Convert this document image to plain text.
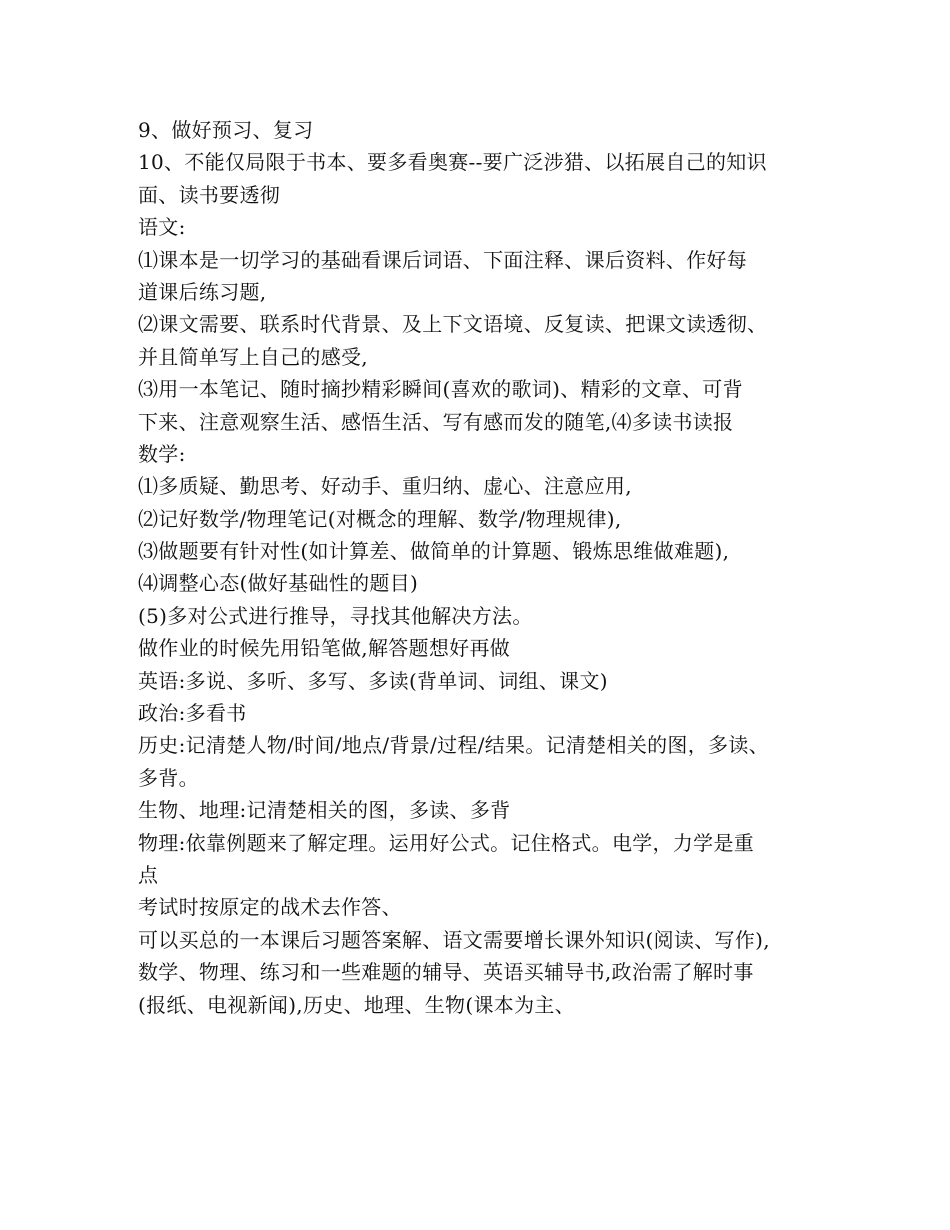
9、做好预习、复习
10、不能仅局限于书本、要多看奥赛--要广泛涉猎、以拓展自己的知识
面、读书要透彻
语文:
⑴课本是一切学习的基础看课后词语、下面注释、课后资料、作好每
道课后练习题,
⑵课文需要、联系时代背景、及上下文语境、反复读、把课文读透彻、
并且简单写上自己的感受,
⑶用一本笔记、随时摘抄精彩瞬间(喜欢的歌词)、精彩的文章、可背
下来、注意观察生活、感悟生活、写有感而发的随笔,⑷多读书读报
数学:
⑴多质疑、勤思考、好动手、重归纳、虚心、注意应用,
⑵记好数学/物理笔记(对概念的理解、数学/物理规律),
⑶做题要有针对性(如计算差、做简单的计算题、锻炼思维做难题),
⑷调整心态(做好基础性的题目)
(5)多对公式进行推导，寻找其他解决方法。
做作业的时候先用铅笔做,解答题想好再做
英语:多说、多听、多写、多读(背单词、词组、课文)
政治:多看书
历史:记清楚人物/时间/地点/背景/过程/结果。记清楚相关的图，多读、
多背。
生物、地理:记清楚相关的图，多读、多背
物理:依靠例题来了解定理。运用好公式。记住格式。电学，力学是重
点
考试时按原定的战术去作答、
可以买总的一本课后习题答案解、语文需要增长课外知识(阅读、写作),
数学、物理、练习和一些难题的辅导、英语买辅导书,政治需了解时事
(报纸、电视新闻),历史、地理、生物(课本为主、
